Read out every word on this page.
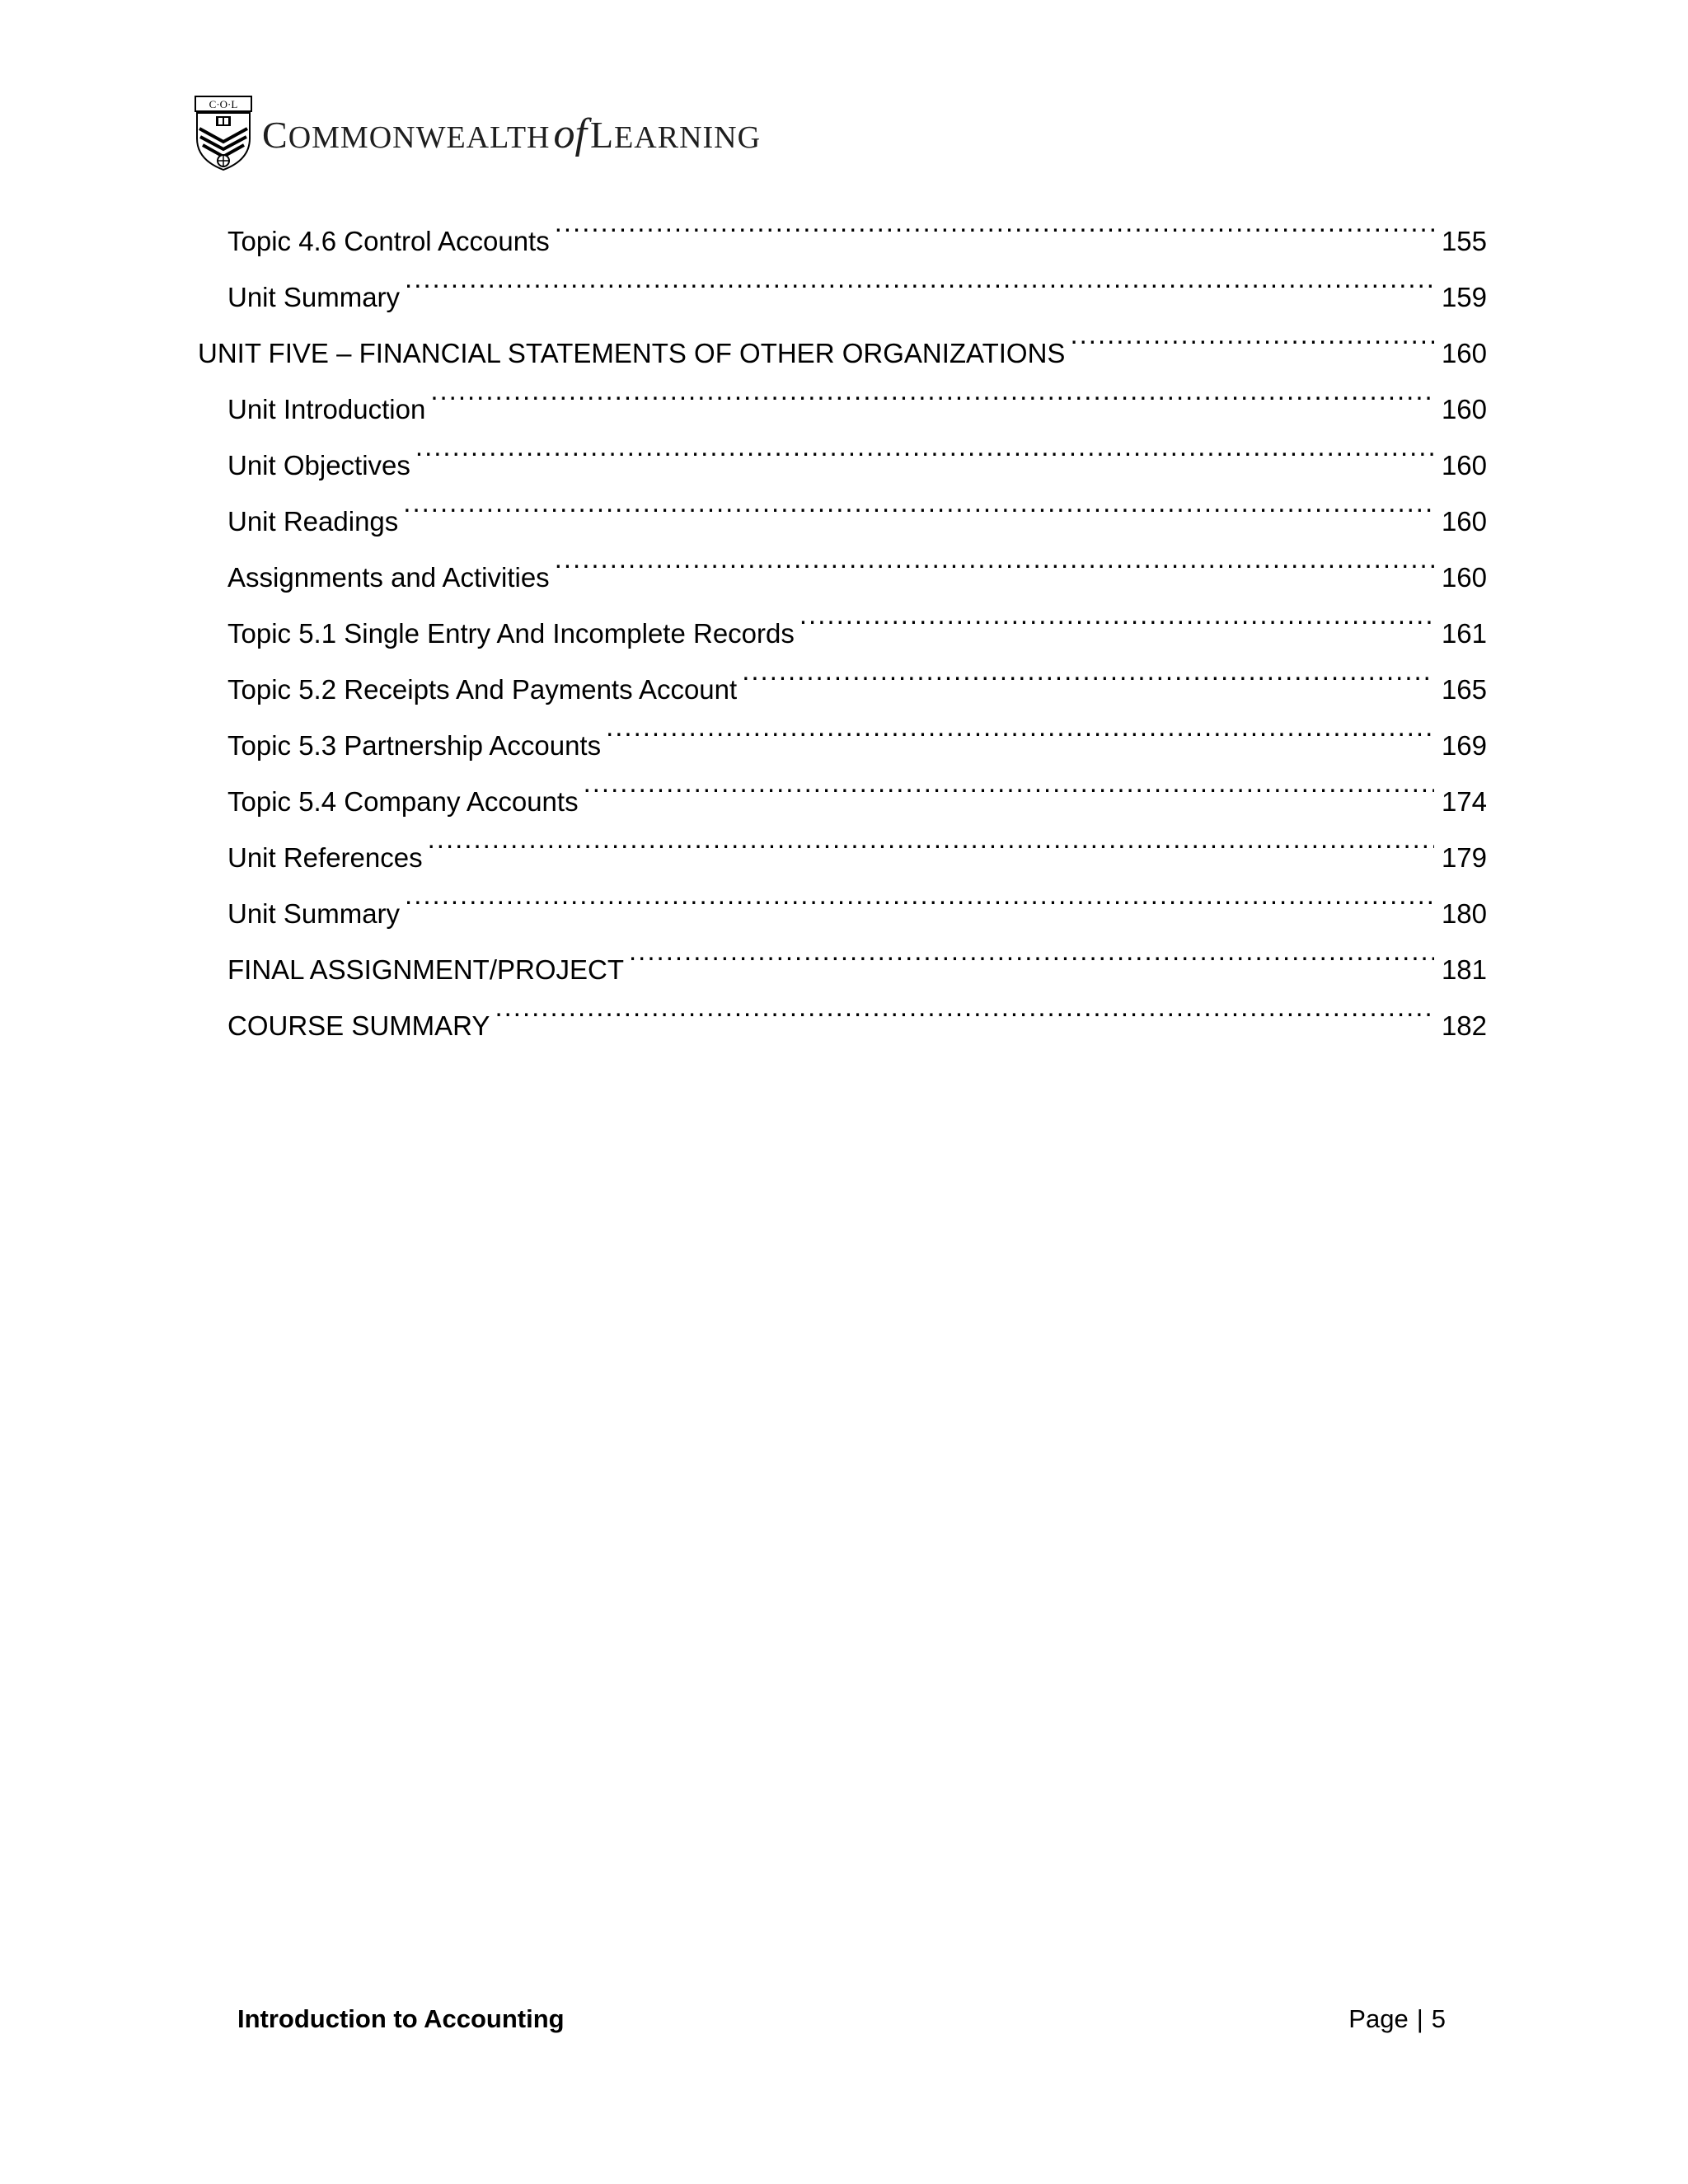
C·O·L
C OMMONWEALTH of L EARNING
Topic 4.6 Control Accounts .....	155
Unit Summary .....	159
UNIT FIVE – FINANCIAL STATEMENTS OF OTHER ORGANIZATIONS .....	160
Unit Introduction .....	160
Unit Objectives .....	160
Unit Readings .....	160
Assignments and Activities .....	160
Topic 5.1 Single Entry And Incomplete Records .....	161
Topic 5.2 Receipts And Payments Account .....	165
Topic 5.3 Partnership Accounts .....	169
Topic 5.4 Company Accounts .....	174
Unit References .....	179
Unit Summary .....	180
FINAL ASSIGNMENT/PROJECT .....	181
COURSE SUMMARY .....	182
Introduction to Accounting	Page | 5
